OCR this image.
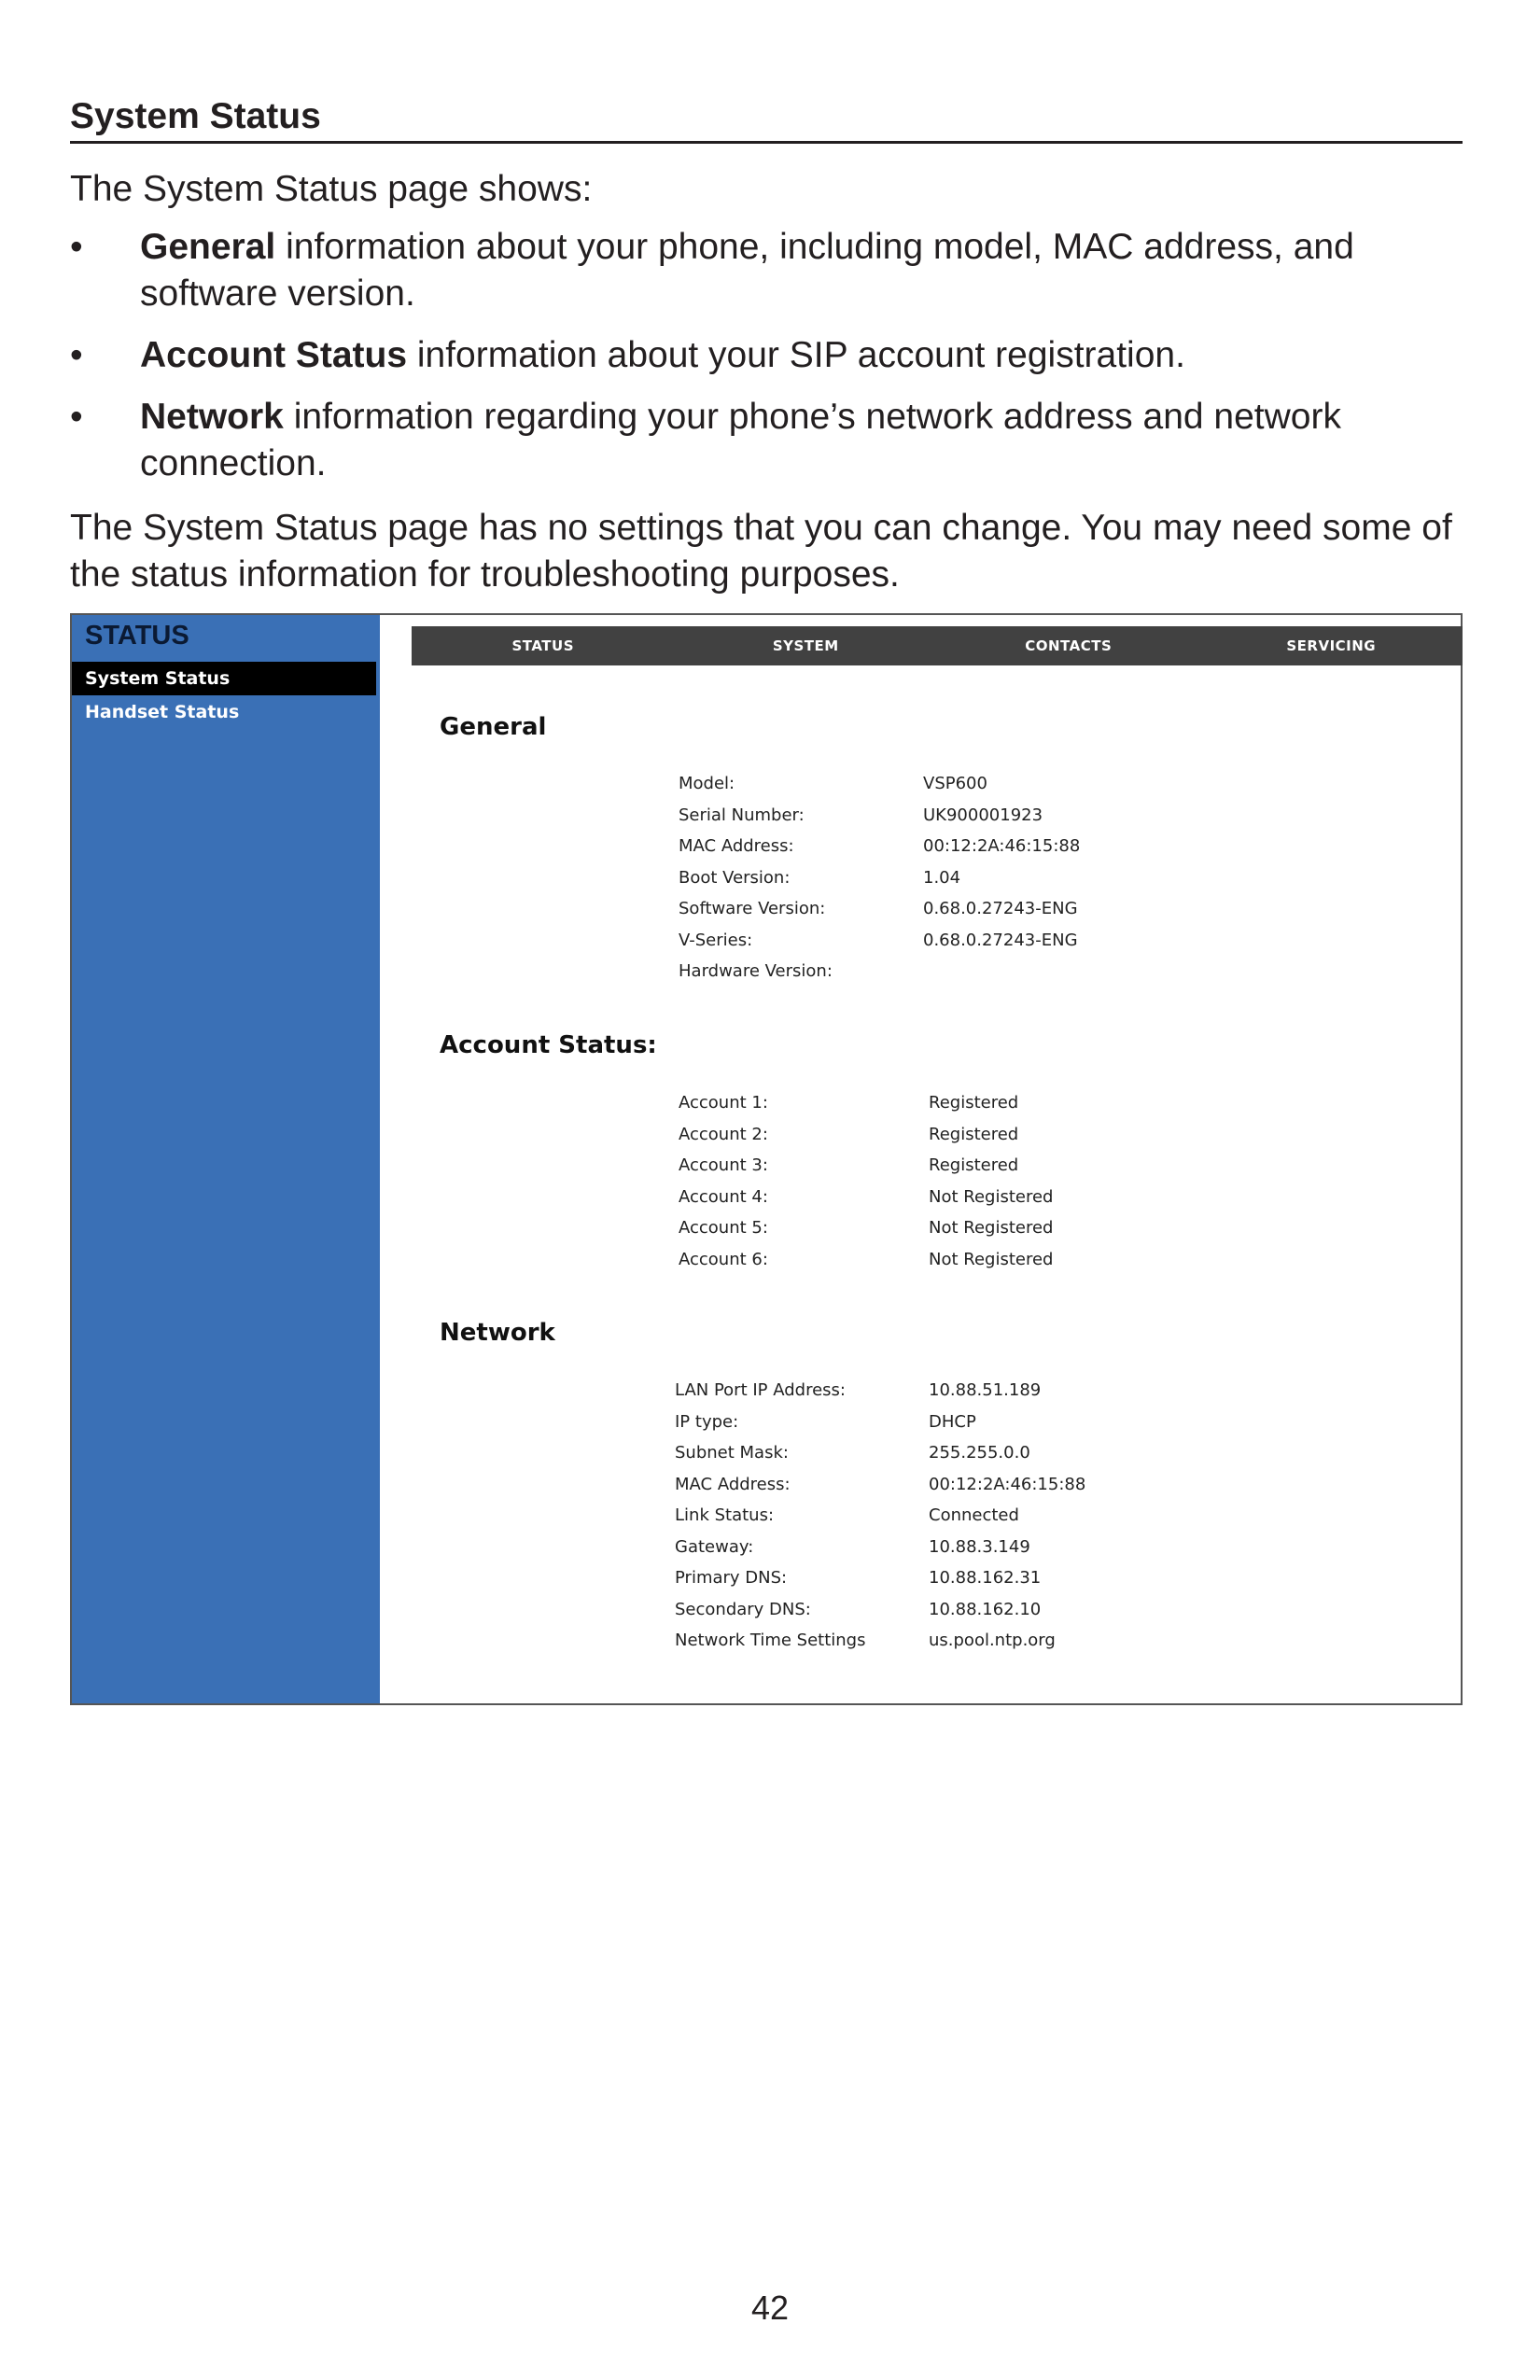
System Status

The System Status page shows:

• General information about your phone, including model, MAC address, and software version.
• Account Status information about your SIP account registration.
• Network information regarding your phone’s network address and network connection.

The System Status page has no settings that you can change. You may need some of the status information for troubleshooting purposes.

STATUS
System Status
Handset Status
STATUS	SYSTEM	CONTACTS	SERVICING
General
Model:	VSP600
Serial Number:	UK900001923
MAC Address:	00:12:2A:46:15:88
Boot Version:	1.04
Software Version:	0.68.0.27243-ENG
V-Series:	0.68.0.27243-ENG
Hardware Version:
Account Status:
Account 1:	Registered
Account 2:	Registered
Account 3:	Registered
Account 4:	Not Registered
Account 5:	Not Registered
Account 6:	Not Registered
Network
LAN Port IP Address:	10.88.51.189
IP type:	DHCP
Subnet Mask:	255.255.0.0
MAC Address:	00:12:2A:46:15:88
Link Status:	Connected
Gateway:	10.88.3.149
Primary DNS:	10.88.162.31
Secondary DNS:	10.88.162.10
Network Time Settings	us.pool.ntp.org
42
